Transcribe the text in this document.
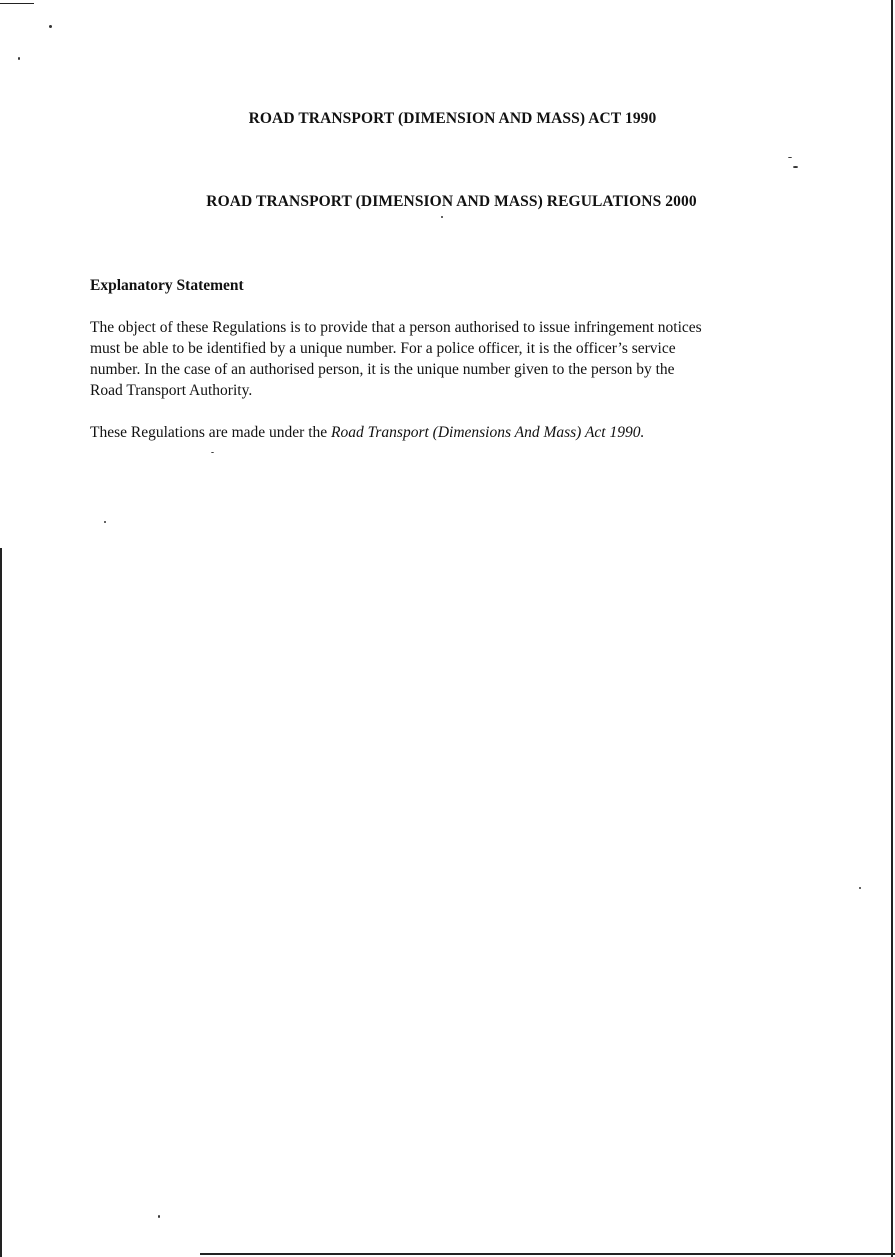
ROAD TRANSPORT (DIMENSION AND MASS) ACT 1990
ROAD TRANSPORT (DIMENSION AND MASS) REGULATIONS 2000
Explanatory Statement
The object of these Regulations is to provide that a person authorised to issue infringement notices
must be able to be identified by a unique number. For a police officer, it is the officer’s service
number. In the case of an authorised person, it is the unique number given to the person by the
Road Transport Authority.
These Regulations are made under the Road Transport (Dimensions And Mass) Act 1990.
